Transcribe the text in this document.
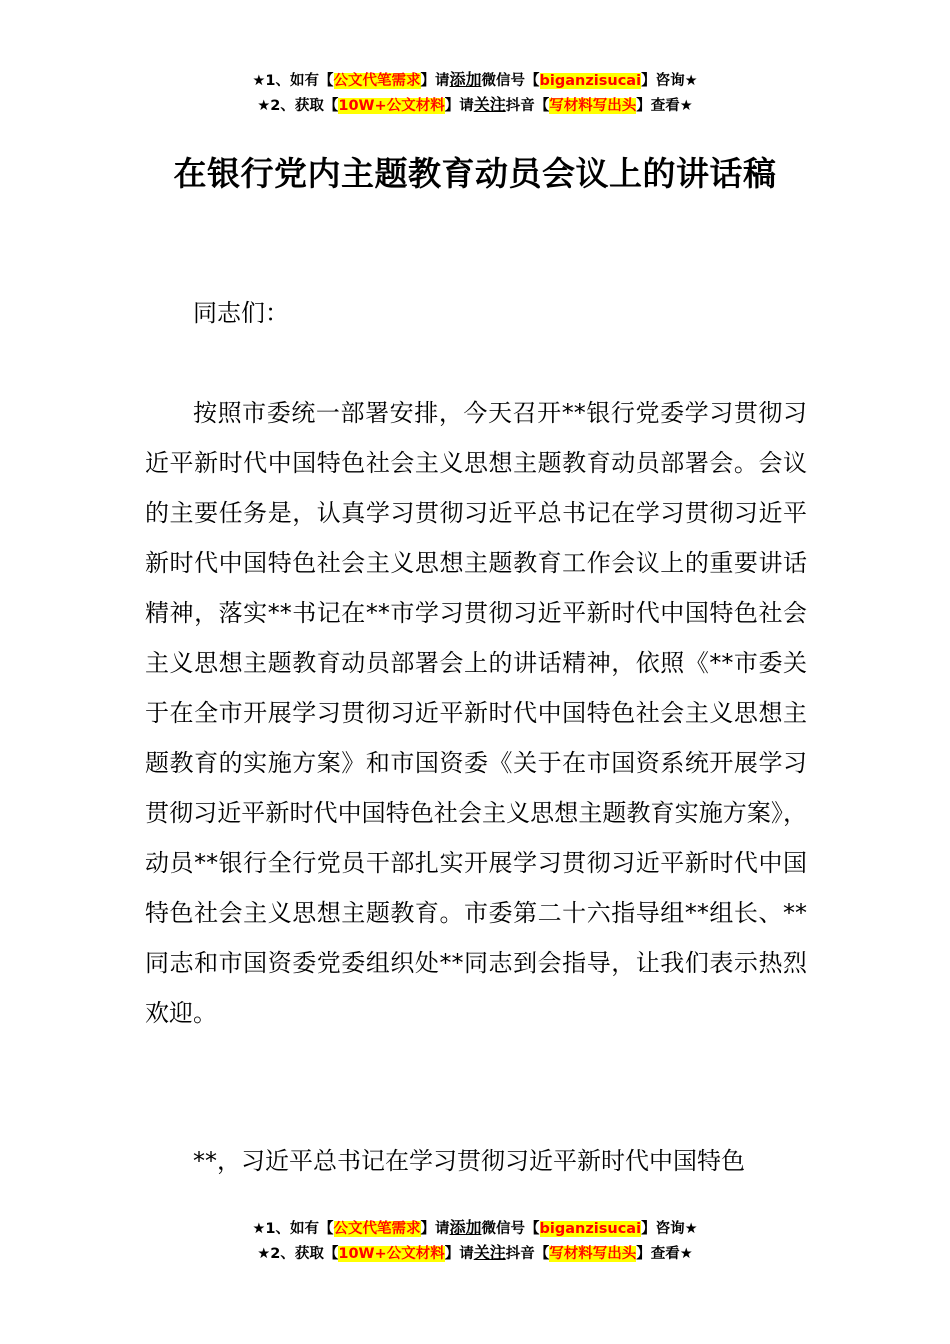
★1、如有【公文代笔需求】请添加微信号【biganzisucai】咨询★
★2、获取【10W+公文材料】请关注抖音【写材料写出头】查看★
在银行党内主题教育动员会议上的讲话稿
同志们：
按照市委统一部署安排，今天召开**银行党委学习贯彻习近平新时代中国特色社会主义思想主题教育动员部署会。会议的主要任务是，认真学习贯彻习近平总书记在学习贯彻习近平新时代中国特色社会主义思想主题教育工作会议上的重要讲话精神，落实**书记在**市学习贯彻习近平新时代中国特色社会主义思想主题教育动员部署会上的讲话精神，依照《**市委关于在全市开展学习贯彻习近平新时代中国特色社会主义思想主题教育的实施方案》和市国资委《关于在市国资系统开展学习贯彻习近平新时代中国特色社会主义思想主题教育实施方案》，动员**银行全行党员干部扎实开展学习贯彻习近平新时代中国特色社会主义思想主题教育。市委第二十六指导组**组长、**同志和市国资委党委组织处**同志到会指导，让我们表示热烈欢迎。
**，习近平总书记在学习贯彻习近平新时代中国特色
★1、如有【公文代笔需求】请添加微信号【biganzisucai】咨询★
★2、获取【10W+公文材料】请关注抖音【写材料写出头】查看★
